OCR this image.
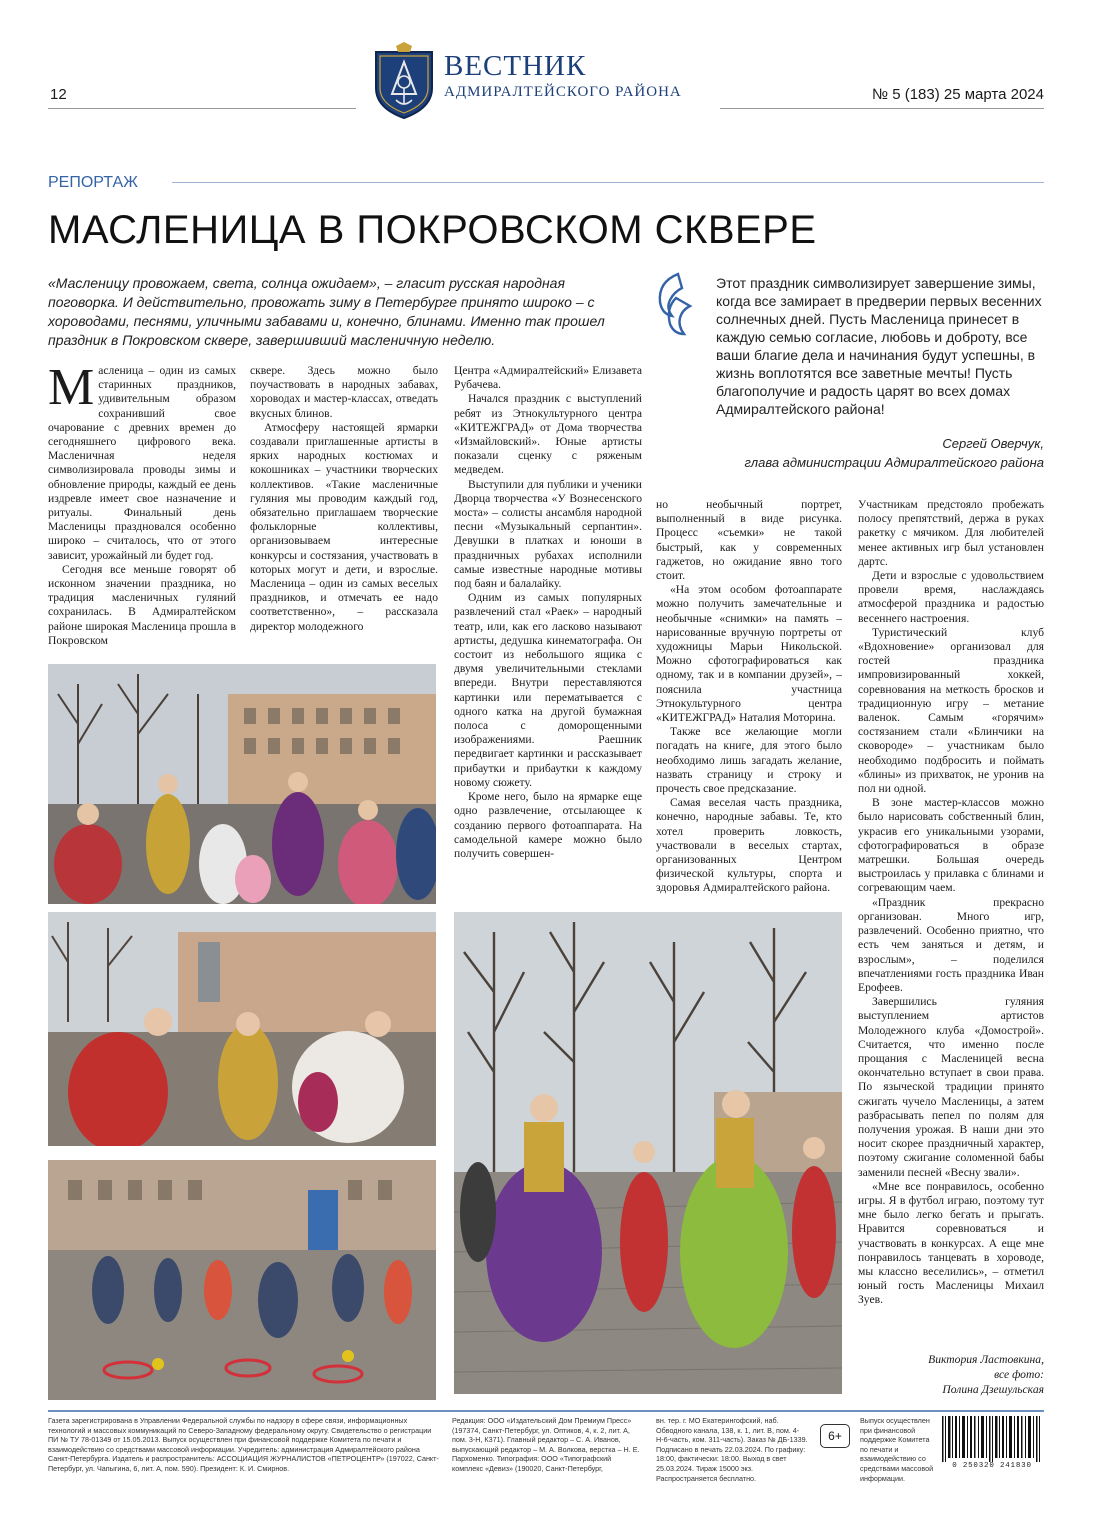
12
ВЕСТНИК
АДМИРАЛТЕЙСКОГО РАЙОНА	№ 5 (183) 25 марта 2024
РЕПОРТАЖ
МАСЛЕНИЦА В ПОКРОВСКОМ СКВЕРЕ

«Масленицу провожаем, света, солнца ожидаем», – гласит русская народная поговорка. И действительно, провожать зиму в Петербурге принято широко – с хороводами, песнями, уличными забавами и, конечно, блинами. Именно так прошел праздник в Покровском сквере, завершивший масленичную неделю.

Этот праздник символизирует завершение зимы, когда все замирает в предверии первых весенних солнечных дней. Пусть Масленица принесет в каждую семью согласие, любовь и доброту, все ваши благие дела и начинания будут успешны, в жизнь воплотятся все заветные мечты! Пусть благополучие и радость царят во всех домах Адмиралтейского района!

Сергей Оверчук,
глава администрации Адмиралтейского района

Масленица – один из самых старинных праздников, удивительным образом сохранивший свое очарование с древних времен до сегодняшнего цифрового века. Масленичная неделя символизировала проводы зимы и обновление природы, каждый ее день издревле имеет свое назначение и ритуалы. Финальный день Масленицы праздновался особенно широко – считалось, что от этого зависит, урожайный ли будет год.

Сегодня все меньше говорят об исконном значении праздника, но традиция масленичных гуляний сохранилась. В Адмиралтейском районе широкая Масленица прошла в Покровском

сквере. Здесь можно было поучаствовать в народных забавах, хороводах и мастер-классах, отведать вкусных блинов.

Атмосферу настоящей ярмарки создавали приглашенные артисты в ярких народных костюмах и кокошниках – участники творческих коллективов. «Такие масленичные гуляния мы проводим каждый год, обязательно приглашаем творческие фольклорные коллективы, организовываем интересные конкурсы и состязания, участвовать в которых могут и дети, и взрослые. Масленица – один из самых веселых праздников, и отмечать ее надо соответственно», – рассказала директор молодежного

Центра «Адмиралтейский» Елизавета Рубачева.

Начался праздник с выступлений ребят из Этнокультурного центра «КИТЕЖГРАД» от Дома творчества «Измайловский». Юные артисты показали сценку с ряженым медведем.

Выступили для публики и ученики Дворца творчества «У Вознесенского моста» – солисты ансамбля народной песни «Музыкальный серпантин». Девушки в платках и юноши в праздничных рубахах исполнили самые известные народные мотивы под баян и балалайку.

Одним из самых популярных развлечений стал «Раек» – народный театр, или, как его ласково называют артисты, дедушка кинематографа. Он состоит из небольшого ящика с двумя увеличительными стеклами впереди. Внутри переставляются картинки или перематывается с одного катка на другой бумажная полоса с доморощенными изображениями. Раешник передвигает картинки и рассказывает прибаутки и прибаутки к каждому новому сюжету.

Кроме него, было на ярмарке еще одно развлечение, отсылающее к созданию первого фотоаппарата. На самодельной камере можно было получить совершен-

но необычный портрет, выполненный в виде рисунка. Процесс «съемки» не такой быстрый, как у современных гаджетов, но ожидание явно того стоит.

«На этом особом фотоаппарате можно получить замечательные и необычные «снимки» на память – нарисованные вручную портреты от художницы Марьи Никольской. Можно сфотографироваться как одному, так и в компании друзей», – пояснила участница Этнокультурного центра «КИТЕЖГРАД» Наталия Моторина.

Также все желающие могли погадать на книге, для этого было необходимо лишь загадать желание, назвать страницу и строку и прочесть свое предсказание.

Самая веселая часть праздника, конечно, народные забавы. Те, кто хотел проверить ловкость, участвовали в веселых стартах, организованных Центром физической культуры, спорта и здоровья Адмиралтейского района.

Участникам предстояло пробежать полосу препятствий, держа в руках ракетку с мячиком. Для любителей менее активных игр был установлен дартс.

Дети и взрослые с удовольствием провели время, наслаждаясь атмосферой праздника и радостью весеннего настроения.

Туристический клуб «Вдохновение» организовал для гостей праздника импровизированный хоккей, соревнования на меткость бросков и традиционную игру – метание валенок. Самым «горячим» состязанием стали «Блинчики на сковороде» – участникам было необходимо подбросить и поймать «блины» из прихваток, не уронив на пол ни одной.

В зоне мастер-классов можно было нарисовать собственный блин, украсив его уникальными узорами, сфотографироваться в образе матрешки. Большая очередь выстроилась у прилавка с блинами и согревающим чаем.

«Праздник прекрасно организован. Много игр, развлечений. Особенно приятно, что есть чем заняться и детям, и взрослым», – поделился впечатлениями гость праздника Иван Ерофеев.

Завершились гуляния выступлением артистов Молодежного клуба «Домострой». Считается, что именно после прощания с Масленицей весна окончательно вступает в свои права. По языческой традиции принято сжигать чучело Масленицы, а затем разбрасывать пепел по полям для получения урожая. В наши дни это носит скорее праздничный характер, поэтому сжигание соломенной бабы заменили песней «Весну звали».

«Мне все понравилось, особенно игры. Я в футбол играю, поэтому тут мне было легко бегать и прыгать. Нравится соревноваться и участвовать в конкурсах. А еще мне понравилось танцевать в хороводе, мы классно веселились», – отметил юный гость Масленицы Михаил Зуев.

Виктория Ластовкина,
все фото:
Полина Дзешульская
Газета зарегистрирована в Управлении Федеральной службы по надзору в сфере связи, информационных технологий и массовых коммуникаций по Северо-Западному федеральному округу. Свидетельство о регистрации ПИ № ТУ 78-01349 от 15.05.2013. Выпуск осуществлен при финансовой поддержке Комитета по печати и взаимодействию со средствами массовой информации. Учредитель: администрация Адмиралтейского района Санкт-Петербурга. Издатель и распространитель: АССОЦИАЦИЯ ЖУРНАЛИСТОВ «ПЕТРОЦЕНТР» (197022, Санкт-Петербург, ул. Чапыгина, 6, лит. А, пом. 590). Президент: К. И. Смирнов.
Редакция: ООО «Издательский Дом Премиум Пресс» (197374, Санкт-Петербург, ул. Оптиков, 4, к. 2, лит. А, пом. 3-Н, К371). Главный редактор – С. А. Иванов, выпускающий редактор – М. А. Волкова, верстка – Н. Е. Пархоменко. Типография: ООО «Типографский комплекс «Девиз» (190020, Санкт-Петербург,
вн. тер. г. МО Екатерингофский, наб. Обводного канала, 138, к. 1, лит. В, пом. 4-Н-6-часть, ком. 311-часть). Заказ № ДБ-1339. Подписано в печать 22.03.2024. По графику: 18:00, фактически: 18:00. Выход в свет 25.03.2024. Тираж 15000 экз. Распространяется бесплатно.
6+
Выпуск осуществлен при финансовой поддержке Комитета по печати и взаимодействию со средствами массовой информации.
0 250320 241830
